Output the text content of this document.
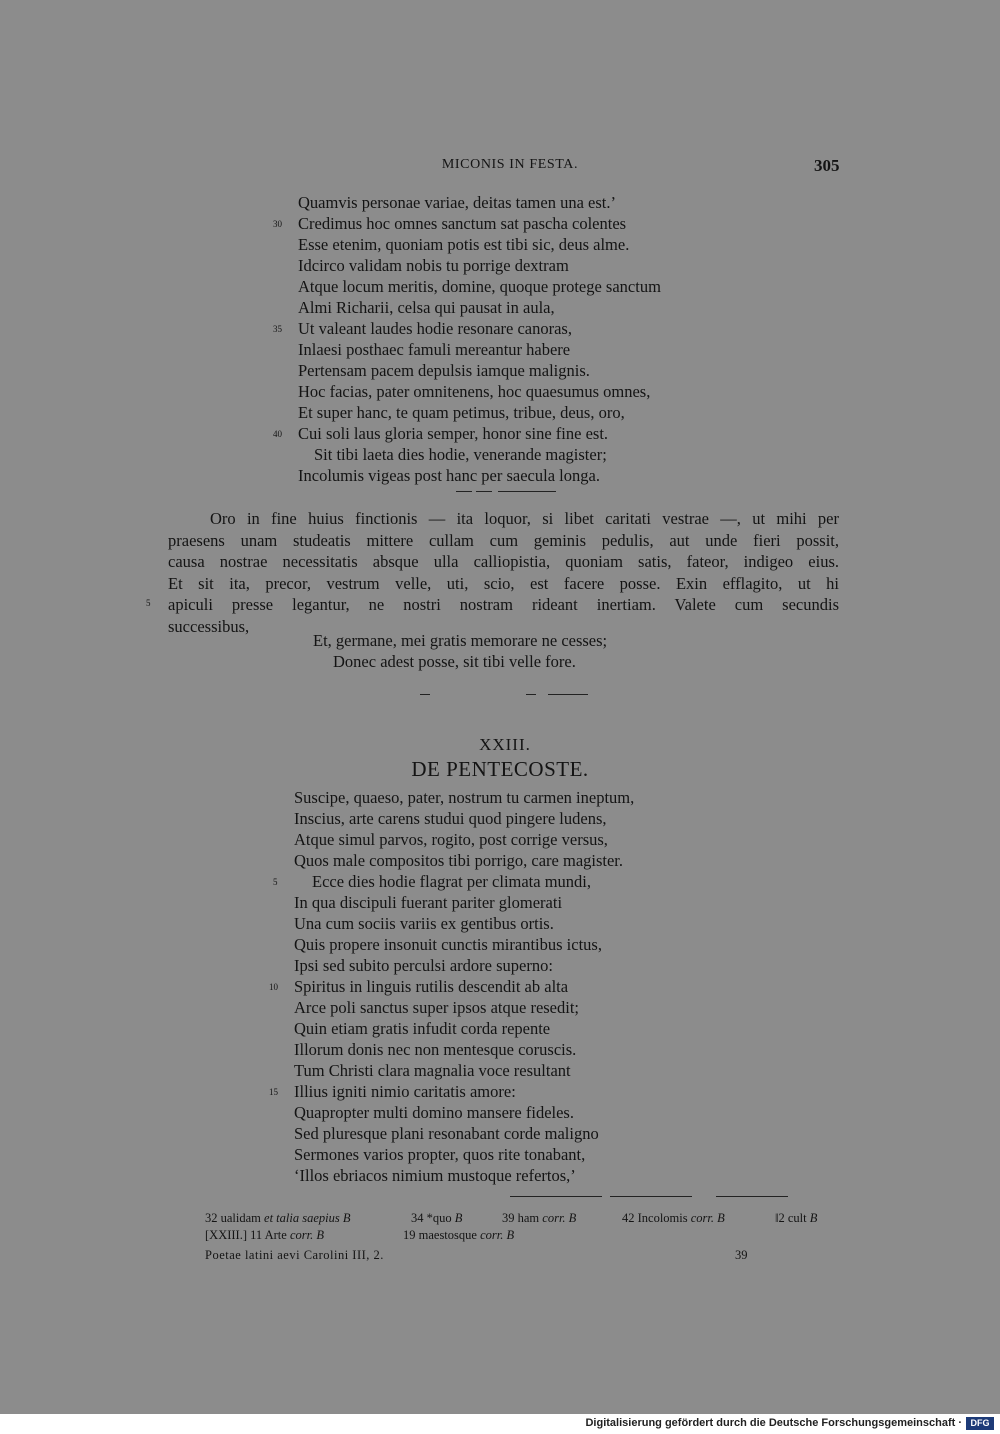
MICONIS IN FESTA.	305
Quamvis personae variae, deitas tamen una est.’
Credimus hoc omnes sanctum sat pascha colentes
Esse etenim, quoniam potis est tibi sic, deus alme.
Idcirco validam nobis tu porrige dextram
Atque locum meritis, domine, quoque protege sanctum
Almi Richarii, celsa qui pausat in aula,
Ut valeant laudes hodie resonare canoras,
Inlaesi posthaec famuli mereantur habere
Pertensam pacem depulsis iamque malignis.
Hoc facias, pater omnitenens, hoc quaesumus omnes,
Et super hanc, te quam petimus, tribue, deus, oro,
Cui soli laus gloria semper, honor sine fine est.
Sit tibi laeta dies hodie, venerande magister;
Incolumis vigeas post hanc per saecula longa.
30
35
40
Oro in fine huius finctionis — ita loquor, si libet caritati vestrae —, ut mihi per
praesens unam studeatis mittere cullam cum geminis pedulis, aut unde fieri possit,
causa nostrae necessitatis absque ulla calliopistia, quoniam satis, fateor, indigeo eius.
Et sit ita, precor, vestrum velle, uti, scio, est facere posse. Exin efflagito, ut hi
apiculi presse legantur, ne nostri nostram rideant inertiam. Valete cum secundis
successibus,
5
Et, germane, mei gratis memorare ne cesses;
Donec adest posse, sit tibi velle fore.
XXIII.
DE PENTECOSTE.
Suscipe, quaeso, pater, nostrum tu carmen ineptum,
Inscius, arte carens studui quod pingere ludens,
Atque simul parvos, rogito, post corrige versus,
Quos male compositos tibi porrigo, care magister.
Ecce dies hodie flagrat per climata mundi,
In qua discipuli fuerant pariter glomerati
Una cum sociis variis ex gentibus ortis.
Quis propere insonuit cunctis mirantibus ictus,
Ipsi sed subito perculsi ardore superno:
Spiritus in linguis rutilis descendit ab alta
Arce poli sanctus super ipsos atque resedit;
Quin etiam gratis infudit corda repente
Illorum donis nec non mentesque coruscis.
Tum Christi clara magnalia voce resultant
Illius igniti nimio caritatis amore:
Quapropter multi domino mansere fideles.
Sed pluresque plani resonabant corde maligno
Sermones varios propter, quos rite tonabant,
‘Illos ebriacos nimium mustoque refertos,’
5
10
15
32 ualidam et talia saepius B	34 *quo B	39 ham corr. B	42 Incolomis corr. B	‖2 cult B
[XXIII.] 11 Arte corr. B	19 maestosque corr. B
Poetae latini aevi Carolini III, 2.	39
Digitalisierung gefördert durch die Deutsche Forschungsgemeinschaft · DFG
